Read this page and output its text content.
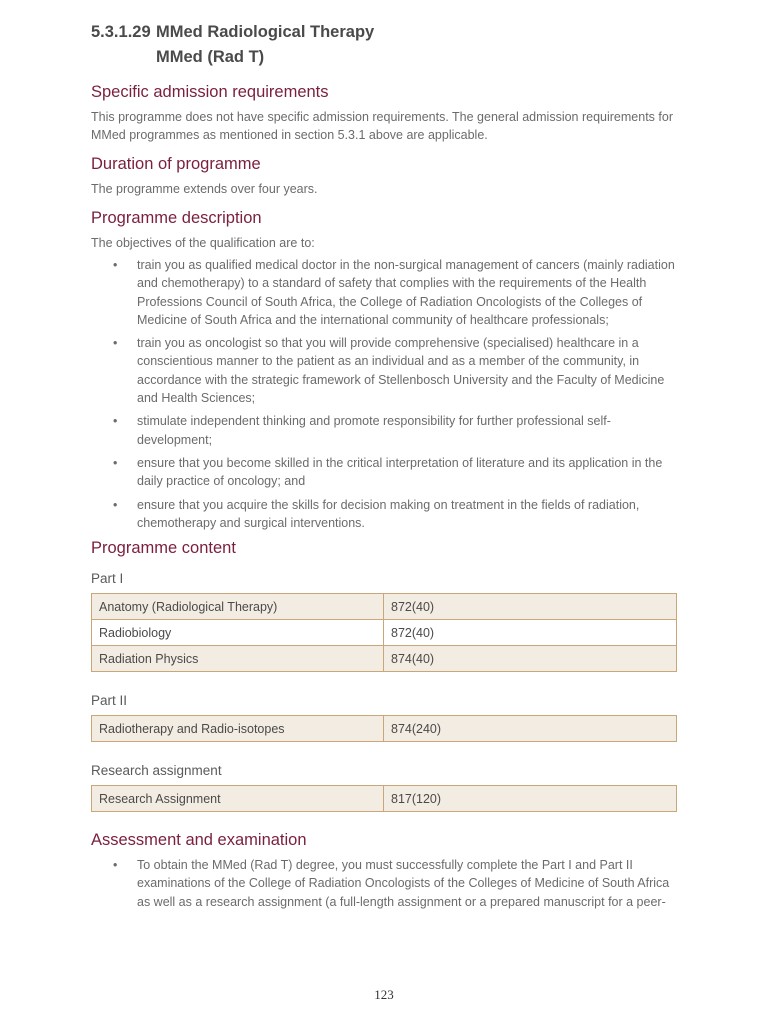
5.3.1.29 MMed Radiological Therapy
MMed (Rad T)
Specific admission requirements

This programme does not have specific admission requirements. The general admission requirements for MMed programmes as mentioned in section 5.3.1 above are applicable.

Duration of programme

The programme extends over four years.

Programme description

The objectives of the qualification are to:

• train you as qualified medical doctor in the non-surgical management of cancers (mainly radiation and chemotherapy) to a standard of safety that complies with the requirements of the Health Professions Council of South Africa, the College of Radiation Oncologists of the Colleges of Medicine of South Africa and the international community of healthcare professionals;
• train you as oncologist so that you will provide comprehensive (specialised) healthcare in a conscientious manner to the patient as an individual and as a member of the community, in accordance with the strategic framework of Stellenbosch University and the Faculty of Medicine and Health Sciences;
• stimulate independent thinking and promote responsibility for further professional self-development;
• ensure that you become skilled in the critical interpretation of literature and its application in the daily practice of oncology; and
• ensure that you acquire the skills for decision making on treatment in the fields of radiation, chemotherapy and surgical interventions.
Programme content
Part I
Anatomy (Radiological Therapy)	872(40)
Radiobiology	872(40)
Radiation Physics	874(40)
Part II
Radiotherapy and Radio-isotopes	874(240)
Research assignment
Research Assignment	817(120)
Assessment and examination
• To obtain the MMed (Rad T) degree, you must successfully complete the Part I and Part II examinations of the College of Radiation Oncologists of the Colleges of Medicine of South Africa as well as a research assignment (a full-length assignment or a prepared manuscript for a peer-
123
